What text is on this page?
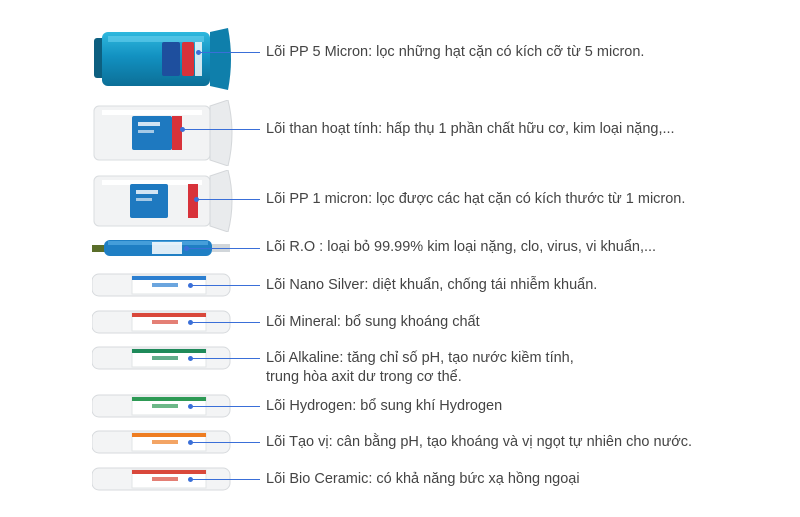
Lõi PP 5 Micron: lọc những hạt cặn có kích cỡ từ 5 micron.
Lõi than hoạt tính: hấp thụ 1 phần chất hữu cơ, kim loại nặng,...
Lõi PP 1 micron: lọc được các hạt cặn có kích thước từ 1 micron.
Lõi R.O : loại bỏ 99.99% kim loại nặng, clo, virus, vi khuẩn,...
Lõi Nano Silver: diệt khuẩn, chống tái nhiễm khuẩn.
Lõi Mineral: bổ sung khoáng chất
Lõi Alkaline: tăng chỉ số pH, tạo nước kiềm tính,
trung hòa axit dư trong cơ thể.
Lõi Hydrogen: bổ sung khí Hydrogen
Lõi Tạo vị: cân bằng pH, tạo khoáng và vị ngọt tự nhiên cho nước.
Lõi Bio Ceramic: có khả năng bức xạ hồng ngoại
